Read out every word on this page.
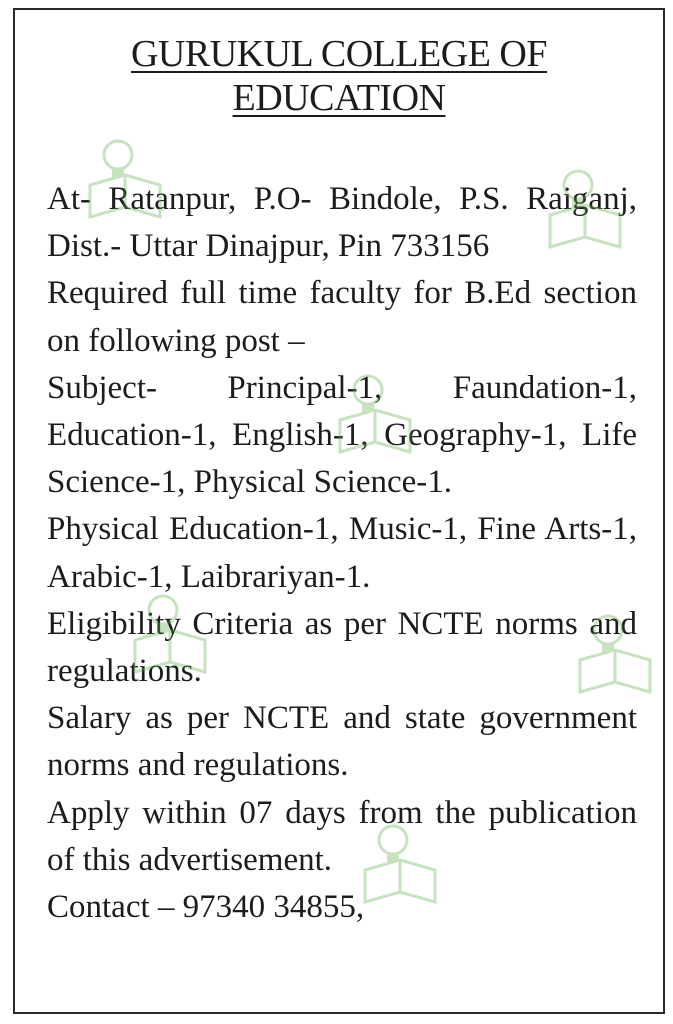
GURUKUL COLLEGE OF
EDUCATION

At- Ratanpur, P.O- Bindole, P.S. Raiganj, Dist.- Uttar Dinajpur, Pin 733156

Required full time faculty for B.Ed section on following post –

Subject- Principal-1, Faundation-1, Education-1, English-1, Geography-1, Life Science-1, Physical Science-1.

Physical Education-1, Music-1, Fine Arts-1, Arabic-1, Laibrariyan-1.

Eligibility Criteria as per NCTE norms and regulations.

Salary as per NCTE and state government norms and regulations.

Apply within 07 days from the publication of this advertisement.

Contact – 97340 34855,
